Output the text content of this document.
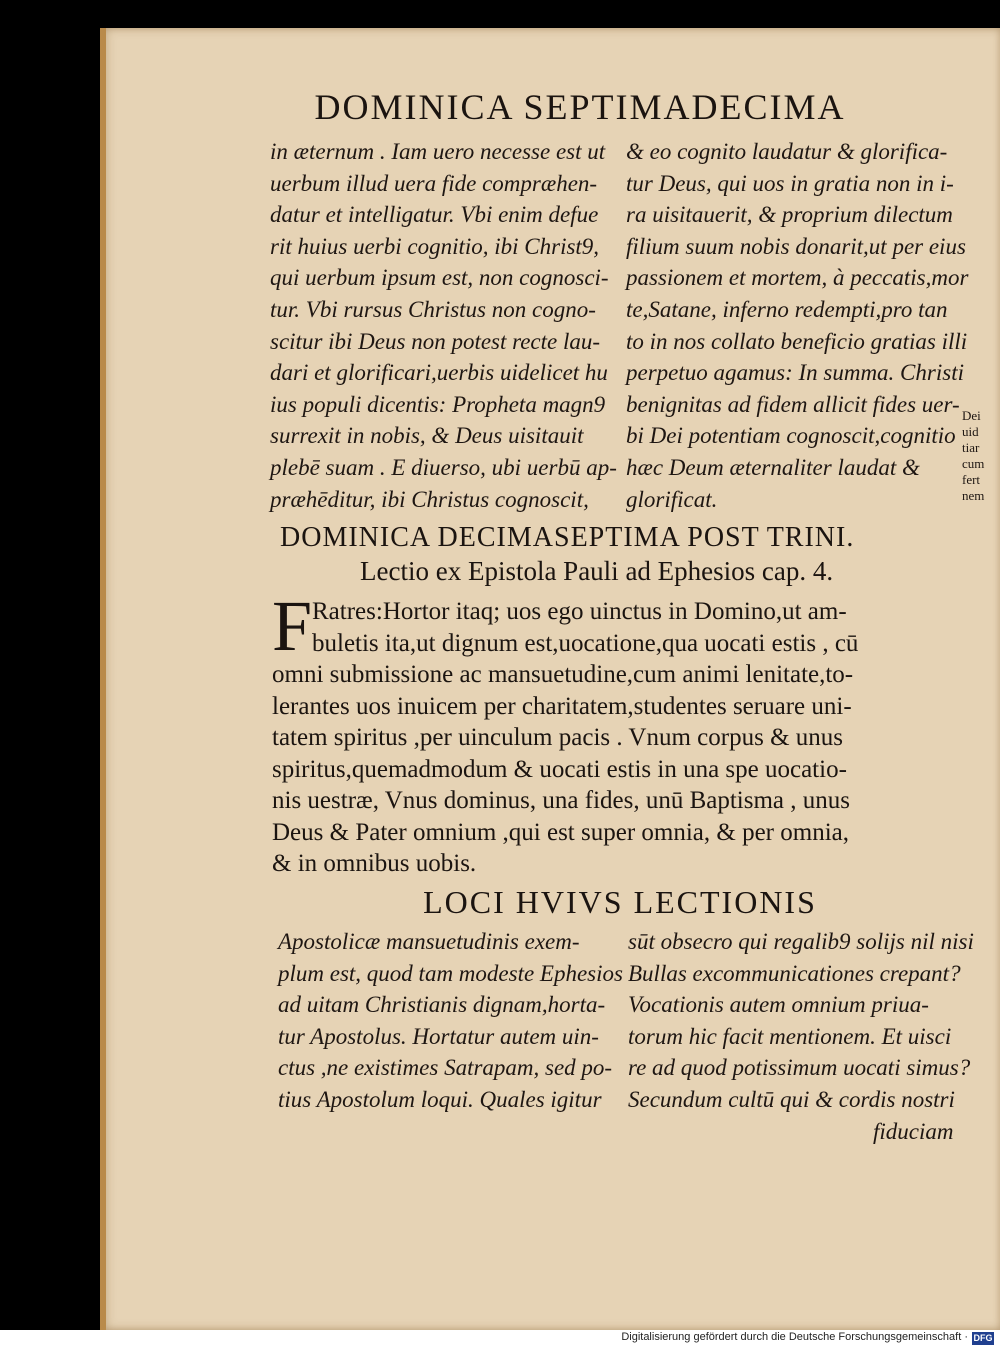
DOMINICA SEPTIMADECIMA
in æternum . Iam uero necesse est ut
uerbum illud uera fide compræhen-
datur et intelligatur. Vbi enim defue
rit huius uerbi cognitio, ibi Christ9,
qui uerbum ipsum est, non cognosci-
tur. Vbi rursus Christus non cogno-
scitur ibi Deus non potest recte lau-
dari et glorificari,uerbis uidelicet hu
ius populi dicentis: Propheta magn9
surrexit in nobis, & Deus uisitauit
plebē suam . E diuerso, ubi uerbū ap-
præhēditur, ibi Christus cognoscit,
& eo cognito laudatur & glorifica-
tur Deus, qui uos in gratia non in i-
ra uisitauerit, & proprium dilectum
filium suum nobis donarit,ut per eius
passionem et mortem, à peccatis,mor
te,Satane, inferno redempti,pro tan
to in nos collato beneficio gratias illi
perpetuo agamus: In summa. Christi
benignitas ad fidem allicit fides uer-
bi Dei potentiam cognoscit,cognitio
hæc Deum æternaliter laudat &
glorificat.
Dei
uid
tiar
cum
fert
nem
DOMINICA DECIMASEPTIMA POST TRINI.
Lectio ex Epistola Pauli ad Ephesios cap. 4.
F Ratres:Hortor itaq; uos ego uinctus in Domino,ut am-
buletis ita,ut dignum est,uocatione,qua uocati estis , cū
omni submissione ac mansuetudine,cum animi lenitate,to-
lerantes uos inuicem per charitatem,studentes seruare uni-
tatem spiritus ,per uinculum pacis . Vnum corpus & unus
spiritus,quemadmodum & uocati estis in una spe uocatio-
nis uestræ, Vnus dominus, una fides, unū Baptisma , unus
Deus & Pater omnium ,qui est super omnia, & per omnia,
& in omnibus uobis.
LOCI HVIVS LECTIONIS
Apostolicæ mansuetudinis exem-
plum est, quod tam modeste Ephesios
ad uitam Christianis dignam,horta-
tur Apostolus. Hortatur autem uin-
ctus ,ne existimes Satrapam, sed po-
tius Apostolum loqui. Quales igitur
sūt obsecro qui regalib9 solijs nil nisi
Bullas excommunicationes crepant?
Vocationis autem omnium priua-
torum hic facit mentionem. Et uisci
re ad quod potissimum uocati simus?
Secundum cultū qui & cordis nostri
fiduciam
Digitalisierung gefördert durch die Deutsche Forschungsgemeinschaft · DFG
